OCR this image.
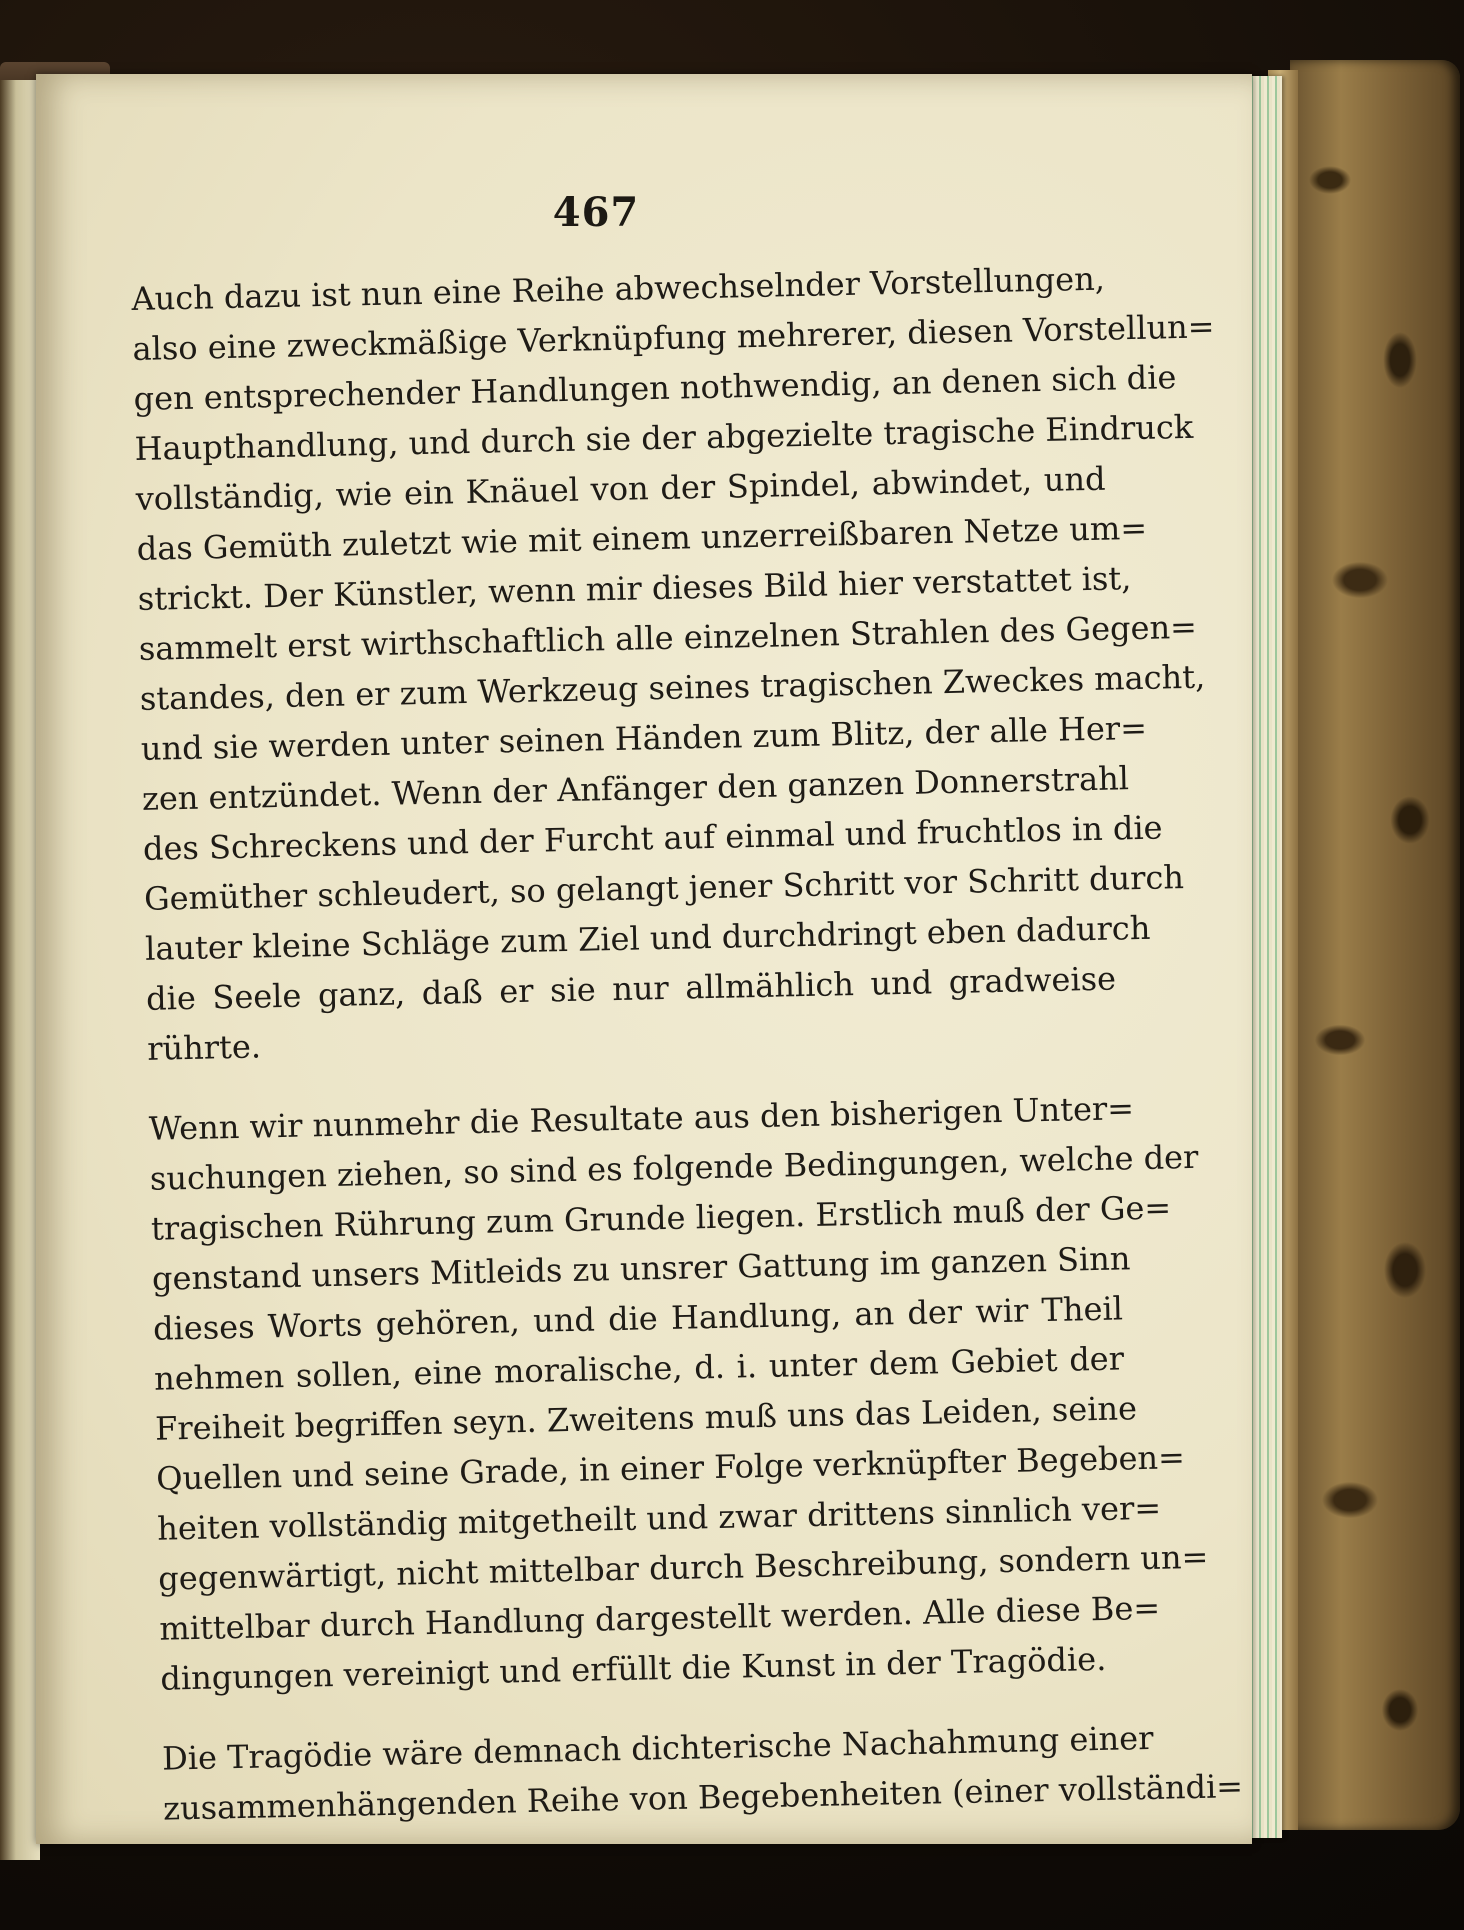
467
Auch dazu ist nun eine Reihe abwechselnder Vorstellungen,
also eine zweckmäßige Verknüpfung mehrerer, diesen Vorstellun=
gen entsprechender Handlungen nothwendig, an denen sich die
Haupthandlung, und durch sie der abgezielte tragische Eindruck
vollständig, wie ein Knäuel von der Spindel, abwindet, und
das Gemüth zuletzt wie mit einem unzerreißbaren Netze um=
strickt. Der Künstler, wenn mir dieses Bild hier verstattet ist,
sammelt erst wirthschaftlich alle einzelnen Strahlen des Gegen=
standes, den er zum Werkzeug seines tragischen Zweckes macht,
und sie werden unter seinen Händen zum Blitz, der alle Her=
zen entzündet. Wenn der Anfänger den ganzen Donnerstrahl
des Schreckens und der Furcht auf einmal und fruchtlos in die
Gemüther schleudert, so gelangt jener Schritt vor Schritt durch
lauter kleine Schläge zum Ziel und durchdringt eben dadurch
die Seele ganz, daß er sie nur allmählich und gradweise
rührte.
Wenn wir nunmehr die Resultate aus den bisherigen Unter=
suchungen ziehen, so sind es folgende Bedingungen, welche der
tragischen Rührung zum Grunde liegen. Erstlich muß der Ge=
genstand unsers Mitleids zu unsrer Gattung im ganzen Sinn
dieses Worts gehören, und die Handlung, an der wir Theil
nehmen sollen, eine moralische, d. i. unter dem Gebiet der
Freiheit begriffen seyn. Zweitens muß uns das Leiden, seine
Quellen und seine Grade, in einer Folge verknüpfter Begeben=
heiten vollständig mitgetheilt und zwar drittens sinnlich ver=
gegenwärtigt, nicht mittelbar durch Beschreibung, sondern un=
mittelbar durch Handlung dargestellt werden. Alle diese Be=
dingungen vereinigt und erfüllt die Kunst in der Tragödie.
Die Tragödie wäre demnach dichterische Nachahmung einer
zusammenhängenden Reihe von Begebenheiten (einer vollständi=
